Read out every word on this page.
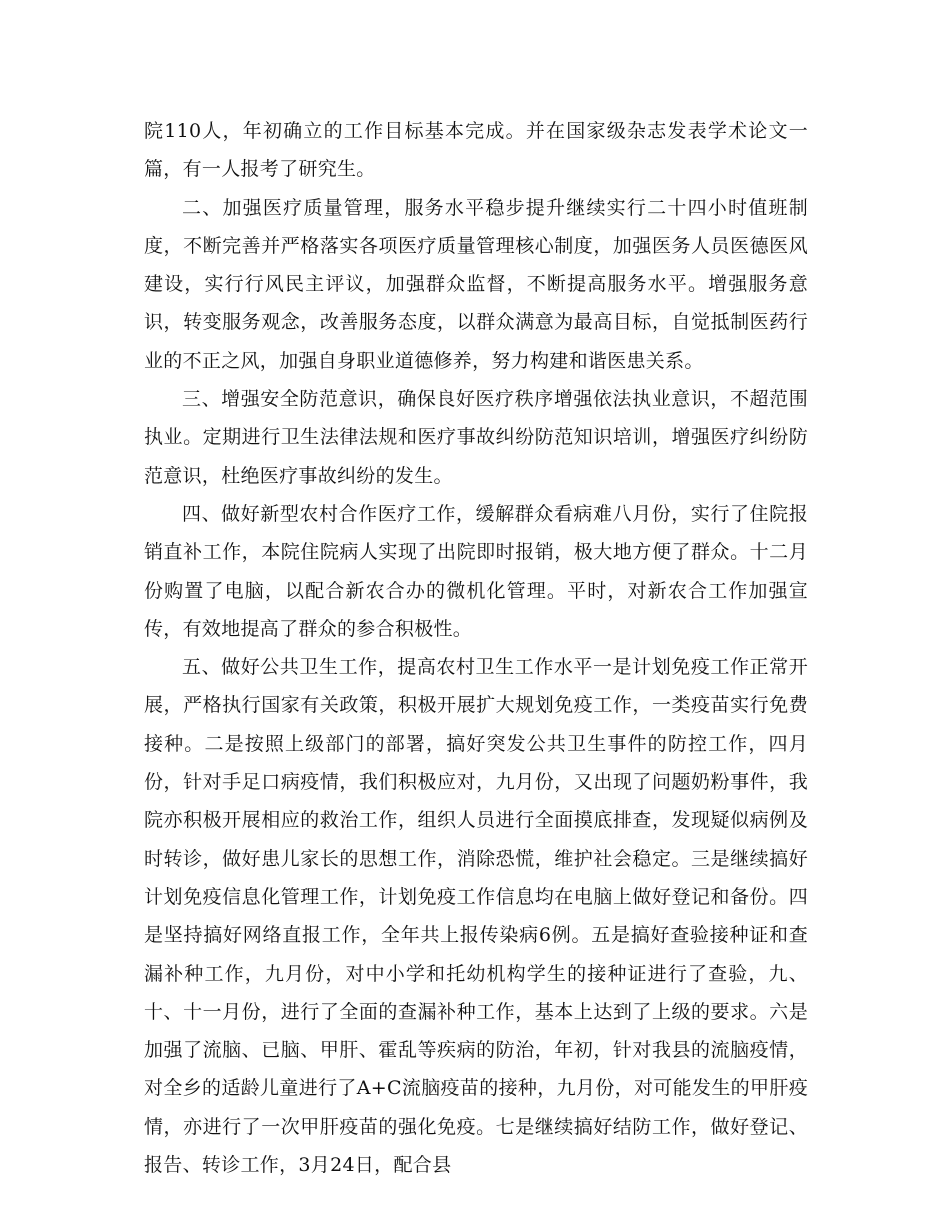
院110人，年初确立的工作目标基本完成。并在国家级杂志发表学术论文一篇，有一人报考了研究生。

二、加强医疗质量管理，服务水平稳步提升继续实行二十四小时值班制度，不断完善并严格落实各项医疗质量管理核心制度，加强医务人员医德医风建设，实行行风民主评议，加强群众监督，不断提高服务水平。增强服务意识，转变服务观念，改善服务态度，以群众满意为最高目标，自觉抵制医药行业的不正之风，加强自身职业道德修养，努力构建和谐医患关系。

三、增强安全防范意识，确保良好医疗秩序增强依法执业意识，不超范围执业。定期进行卫生法律法规和医疗事故纠纷防范知识培训，增强医疗纠纷防范意识，杜绝医疗事故纠纷的发生。

四、做好新型农村合作医疗工作，缓解群众看病难八月份，实行了住院报销直补工作，本院住院病人实现了出院即时报销，极大地方便了群众。十二月份购置了电脑，以配合新农合办的微机化管理。平时，对新农合工作加强宣传，有效地提高了群众的参合积极性。

五、做好公共卫生工作，提高农村卫生工作水平一是计划免疫工作正常开展，严格执行国家有关政策，积极开展扩大规划免疫工作，一类疫苗实行免费接种。二是按照上级部门的部署，搞好突发公共卫生事件的防控工作，四月份，针对手足口病疫情，我们积极应对，九月份，又出现了问题奶粉事件，我院亦积极开展相应的救治工作，组织人员进行全面摸底排查，发现疑似病例及时转诊，做好患儿家长的思想工作，消除恐慌，维护社会稳定。三是继续搞好计划免疫信息化管理工作，计划免疫工作信息均在电脑上做好登记和备份。四是坚持搞好网络直报工作，全年共上报传染病6例。五是搞好查验接种证和查漏补种工作，九月份，对中小学和托幼机构学生的接种证进行了查验，九、十、十一月份，进行了全面的查漏补种工作，基本上达到了上级的要求。六是加强了流脑、已脑、甲肝、霍乱等疾病的防治，年初，针对我县的流脑疫情，对全乡的适龄儿童进行了A+C流脑疫苗的接种，九月份，对可能发生的甲肝疫情，亦进行了一次甲肝疫苗的强化免疫。七是继续搞好结防工作，做好登记、报告、转诊工作，3月24日，配合县
